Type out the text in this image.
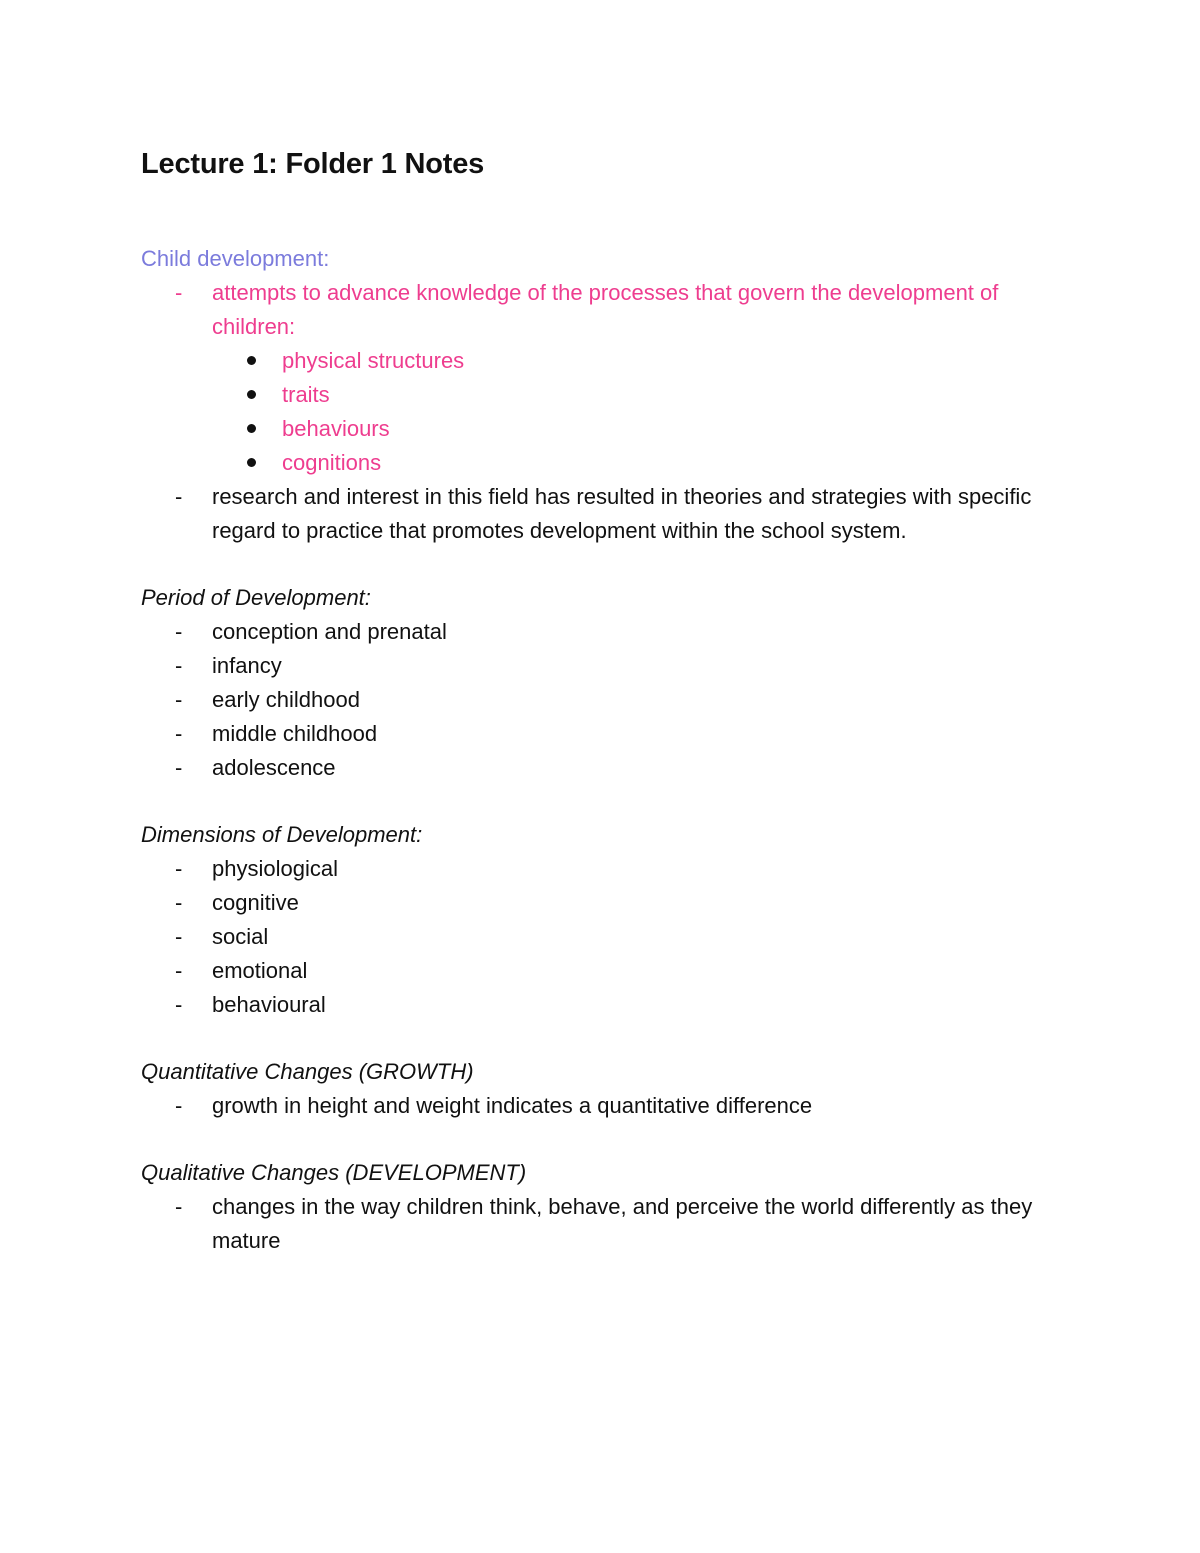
Lecture 1: Folder 1 Notes

Child development:

- attempts to advance knowledge of the processes that govern the development of children:
physical structures
traits
behaviours
cognitions
- research and interest in this field has resulted in theories and strategies with specific regard to practice that promotes development within the school system.

Period of Development:

- conception and prenatal
- infancy
- early childhood
- middle childhood
- adolescence

Dimensions of Development:

- physiological
- cognitive
- social
- emotional
- behavioural

Quantitative Changes (GROWTH)

- growth in height and weight indicates a quantitative difference

Qualitative Changes (DEVELOPMENT)

- changes in the way children think, behave, and perceive the world differently as they mature
